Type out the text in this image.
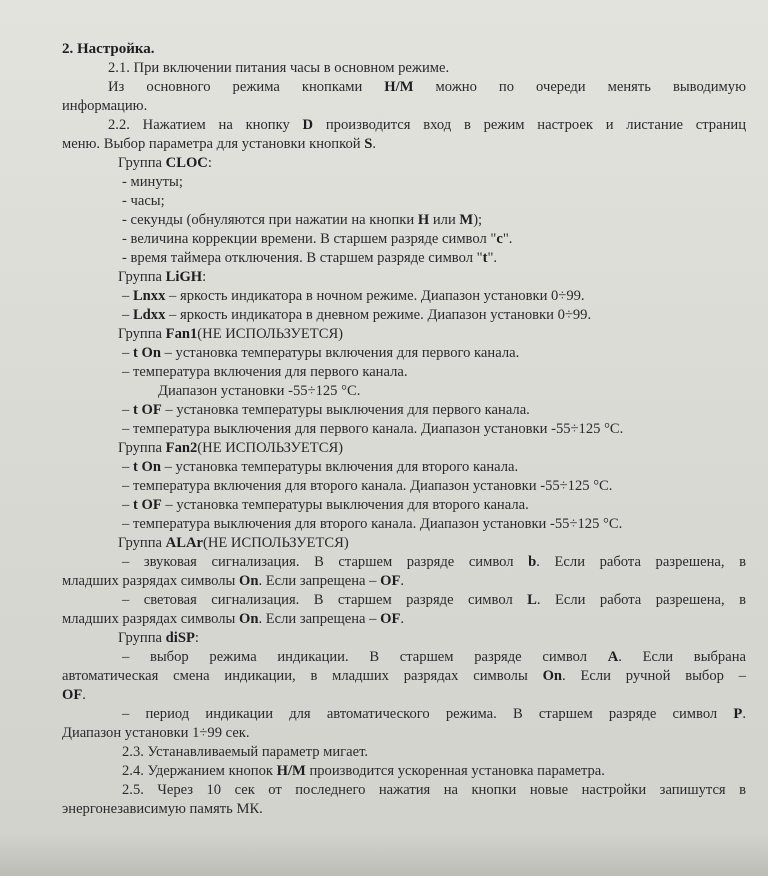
2. Настройка.
2.1. При включении питания часы в основном режиме.
Из основного режима кнопками H/M можно по очереди менять выводимую
информацию.
2.2. Нажатием на кнопку D производится вход в режим настроек и листание страниц
меню. Выбор параметра для установки кнопкой S.
Группа CLOC:
- минуты;
- часы;
- секунды (обнуляются при нажатии на кнопки H или M);
- величина коррекции времени. В старшем разряде символ "с".
- время таймера отключения. В старшем разряде символ "t".
Группа LiGH:
– Lnxx – яркость индикатора в ночном режиме. Диапазон установки 0÷99.
– Ldxx – яркость индикатора в дневном режиме. Диапазон установки 0÷99.
Группа Fan1(НЕ ИСПОЛЬЗУЕТСЯ)
– t On – установка температуры включения для первого канала.
– температура включения для первого канала.
Диапазон установки -55÷125 °С.
– t OF – установка температуры выключения для первого канала.
– температура выключения для первого канала. Диапазон установки -55÷125 °С.
Группа Fan2(НЕ ИСПОЛЬЗУЕТСЯ)
– t On – установка температуры включения для второго канала.
– температура включения для второго канала. Диапазон установки -55÷125 °С.
– t OF – установка температуры выключения для второго канала.
– температура выключения для второго канала. Диапазон установки -55÷125 °С.
Группа ALAr(НЕ ИСПОЛЬЗУЕТСЯ)
– звуковая сигнализация. В старшем разряде символ b. Если работа разрешена, в
младших разрядах символы On. Если запрещена – OF.
– световая сигнализация. В старшем разряде символ L. Если работа разрешена, в
младших разрядах символы On. Если запрещена – OF.
Группа diSP:
– выбор режима индикации. В старшем разряде символ A. Если выбрана
автоматическая смена индикации, в младших разрядах символы On. Если ручной выбор –
OF.
– период индикации для автоматического режима. В старшем разряде символ P.
Диапазон установки 1÷99 сек.
2.3. Устанавливаемый параметр мигает.
2.4. Удержанием кнопок H/M производится ускоренная установка параметра.
2.5. Через 10 сек от последнего нажатия на кнопки новые настройки запишутся в
энергонезависимую память МК.
